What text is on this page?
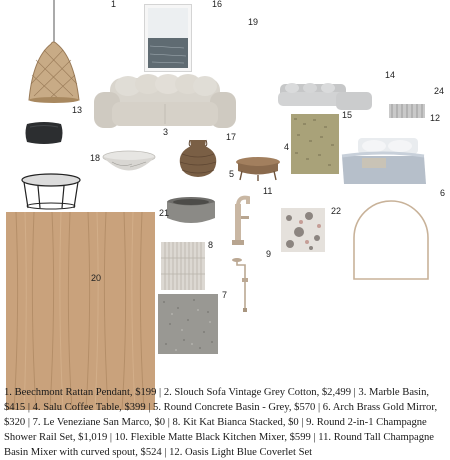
1	16
19
14
24
13	15	12
3	17
4
18
5
11	6
21	22
8
9
20
7
1. Beechmont Rattan Pendant, $199 | 2. Slouch Sofa Vintage Grey Cotton, $2,499 | 3. Marble Basin, $415 | 4. Salu Coffee Table, $399 | 5. Round Concrete Basin - Grey, $570 | 6. Arch Brass Gold Mirror, $320 | 7. Le Veneziane San Marco, $0 | 8. Kit Kat Bianca Stacked, $0 | 9. Round 2-in-1 Champagne Shower Rail Set, $1,019 | 10. Flexible Matte Black Kitchen Mixer, $599 | 11. Round Tall Champagne Basin Mixer with curved spout, $524 | 12. Oasis Light Blue Coverlet Set
